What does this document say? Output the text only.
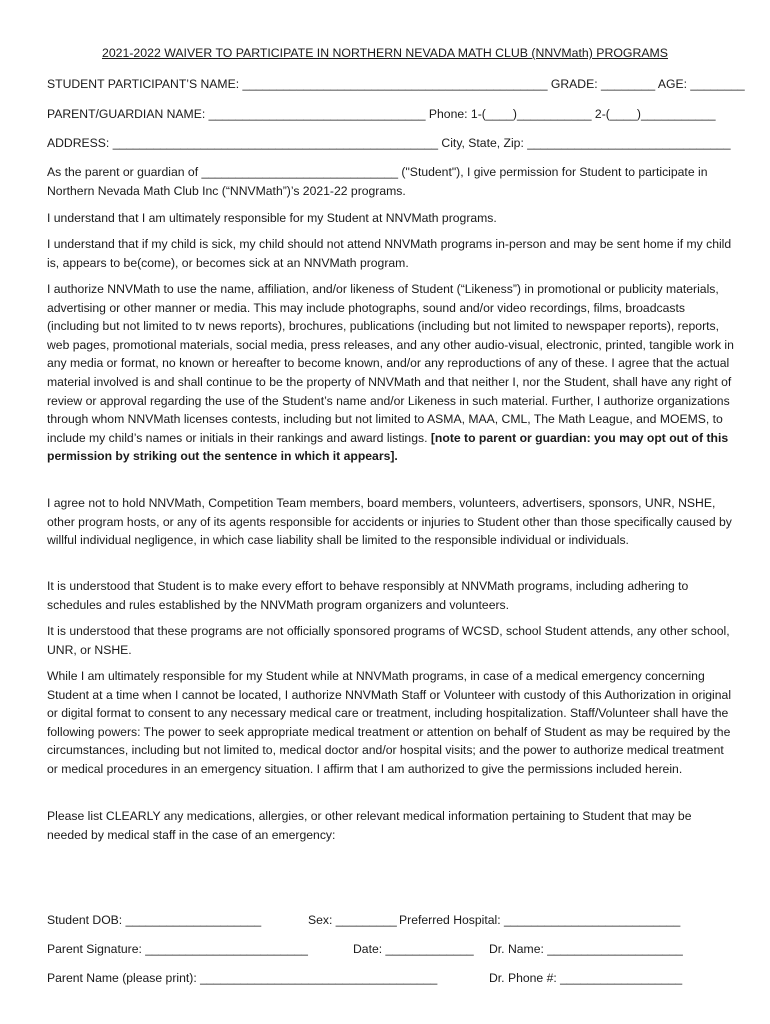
2021-2022 WAIVER TO PARTICIPATE IN NORTHERN NEVADA MATH CLUB (NNVMath) PROGRAMS
STUDENT PARTICIPANT’S NAME: _____________________________________________ GRADE: ________ AGE: ________
PARENT/GUARDIAN NAME: ________________________________ Phone: 1-(____)___________ 2-(____)___________
ADDRESS: ________________________________________________ City, State, Zip: ______________________________

As the parent or guardian of _____________________________ ("Student"), I give permission for Student to participate in Northern Nevada Math Club Inc (“NNVMath”)’s 2021-22 programs.

I understand that I am ultimately responsible for my Student at NNVMath programs.

I understand that if my child is sick, my child should not attend NNVMath programs in-person and may be sent home if my child is, appears to be(come), or becomes sick at an NNVMath program.

I authorize NNVMath to use the name, affiliation, and/or likeness of Student (“Likeness”) in promotional or publicity materials, advertising or other manner or media. This may include photographs, sound and/or video recordings, films, broadcasts (including but not limited to tv news reports), brochures, publications (including but not limited to newspaper reports), reports, web pages, promotional materials, social media, press releases, and any other audio-visual, electronic, printed, tangible work in any media or format, no known or hereafter to become known, and/or any reproductions of any of these. I agree that the actual material involved is and shall continue to be the property of NNVMath and that neither I, nor the Student, shall have any right of review or approval regarding the use of the Student’s name and/or Likeness in such material. Further, I authorize organizations through whom NNVMath licenses contests, including but not limited to ASMA, MAA, CML, The Math League, and MOEMS, to include my child’s names or initials in their rankings and award listings. [note to parent or guardian: you may opt out of this permission by striking out the sentence in which it appears].

I agree not to hold NNVMath, Competition Team members, board members, volunteers, advertisers, sponsors, UNR, NSHE, other program hosts, or any of its agents responsible for accidents or injuries to Student other than those specifically caused by willful individual negligence, in which case liability shall be limited to the responsible individual or individuals.

It is understood that Student is to make every effort to behave responsibly at NNVMath programs, including adhering to schedules and rules established by the NNVMath program organizers and volunteers.

It is understood that these programs are not officially sponsored programs of WCSD, school Student attends, any other school, UNR, or NSHE.

While I am ultimately responsible for my Student while at NNVMath programs, in case of a medical emergency concerning Student at a time when I cannot be located, I authorize NNVMath Staff or Volunteer with custody of this Authorization in original or digital format to consent to any necessary medical care or treatment, including hospitalization. Staff/Volunteer shall have the following powers: The power to seek appropriate medical treatment or attention on behalf of Student as may be required by the circumstances, including but not limited to, medical doctor and/or hospital visits; and the power to authorize medical treatment or medical procedures in an emergency situation. I affirm that I am authorized to give the permissions included herein.

Please list CLEARLY any medications, allergies, or other relevant medical information pertaining to Student that may be needed by medical staff in the case of an emergency:

Student DOB: ____________________	Sex: _________ Preferred Hospital: __________________________
Parent Signature: ________________________	Date: _____________ Dr. Name: ____________________
Parent Name (please print): ___________________________________	Dr. Phone #: __________________
